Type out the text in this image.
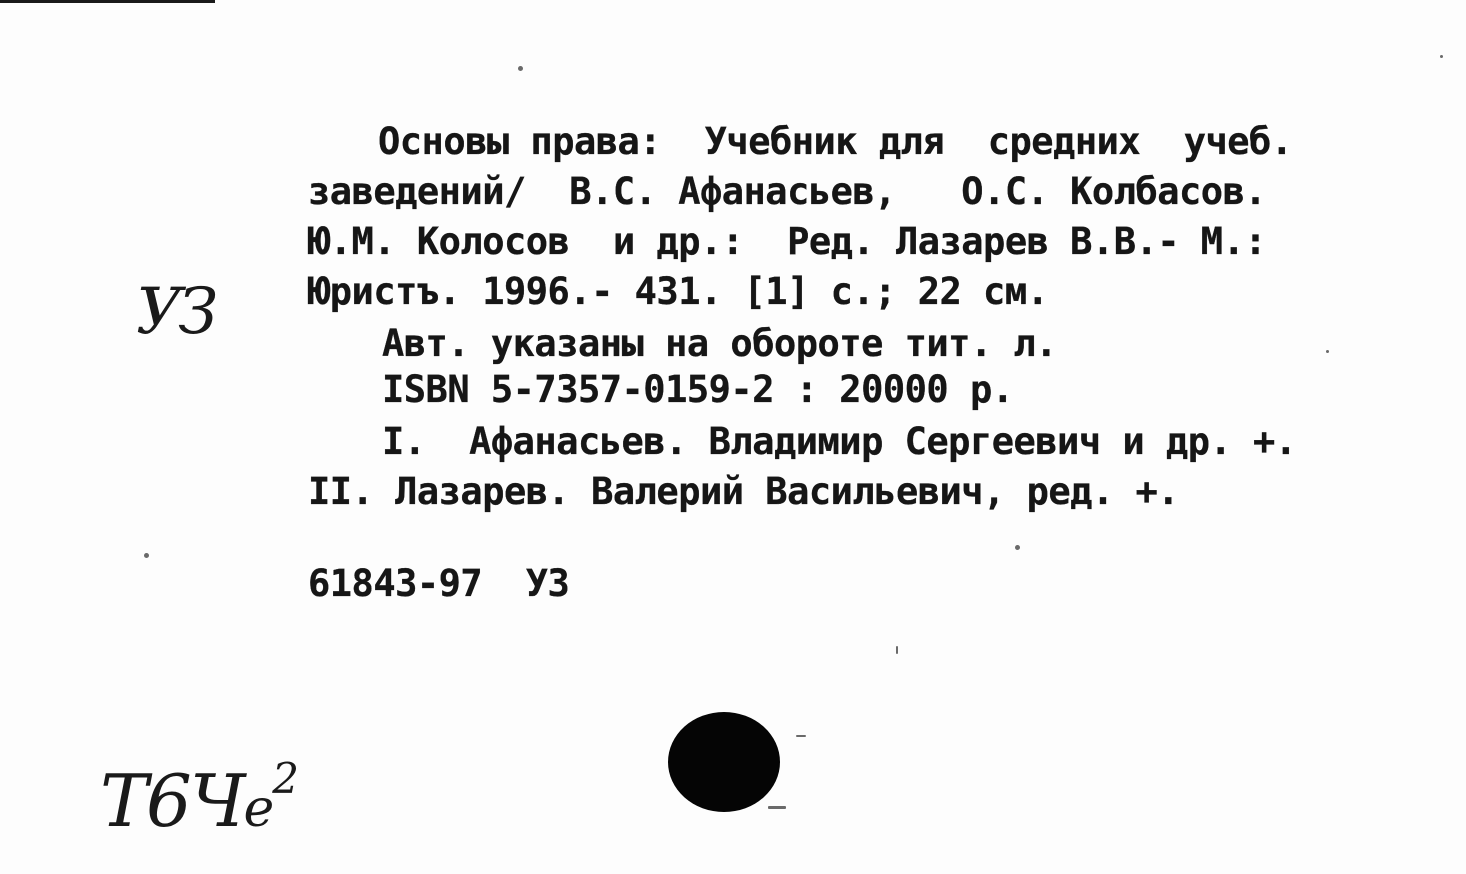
УЗ
Основы права:  Учебник для  средних  учеб.
заведений/  В.С. Афанасьев,   О.С. Колбасов.
Ю.М. Колосов  и др.:  Ред. Лазарев В.В.- М.:
Юристъ. 1996.- 431. [1] с.; 22 см.
Авт. указаны на обороте тит. л.
ISBN 5-7357-0159-2 : 20000 р.
I.  Афанасьев. Владимир Сергеевич и др. +.
II. Лазарев. Валерий Васильевич, ред. +.
61843-97  УЗ
$Т6Че^2$
